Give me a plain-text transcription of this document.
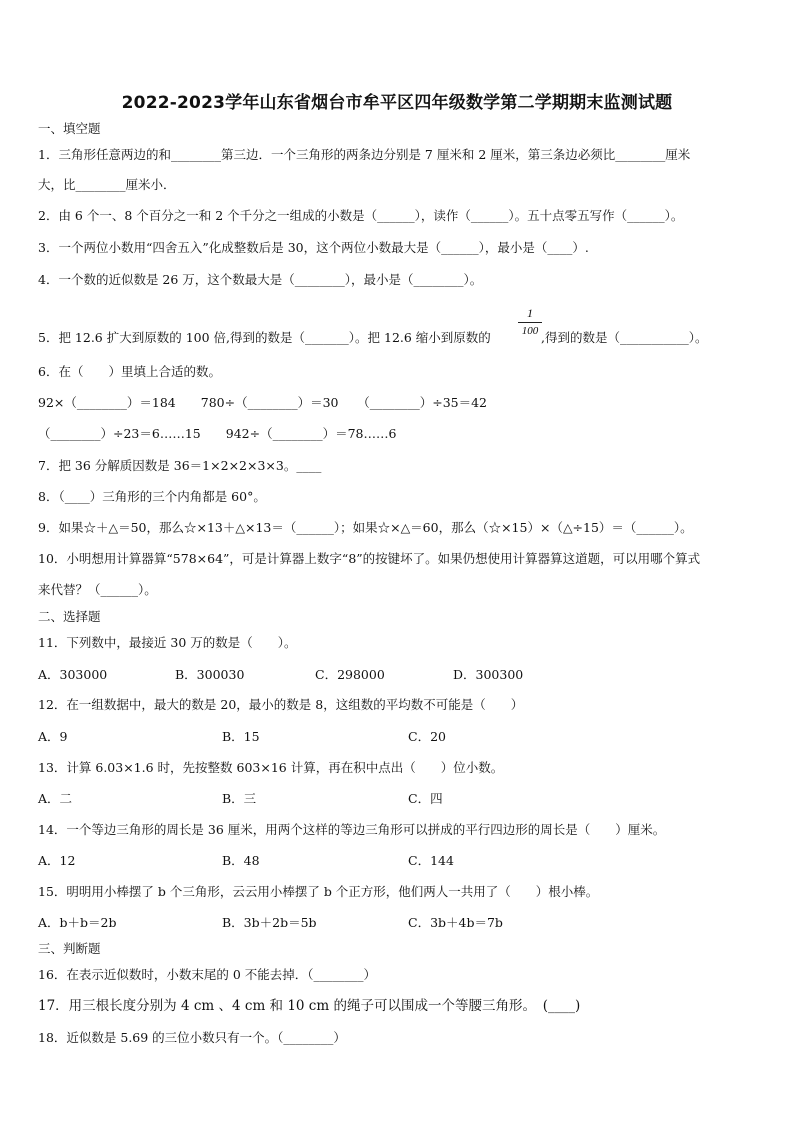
2022-2023学年山东省烟台市牟平区四年级数学第二学期期末监测试题
一、填空题
1．三角形任意两边的和________第三边．一个三角形的两条边分别是 7 厘米和 2 厘米，第三条边必须比________厘米
大，比________厘米小．
2．由 6 个一、8 个百分之一和 2 个千分之一组成的小数是（______），读作（______）。五十点零五写作（______）。
3．一个两位小数用“四舍五入”化成整数后是 30，这个两位小数最大是（______），最小是（____）.
4．一个数的近似数是 26 万，这个数最大是（________），最小是（________）。
5．把 12.6 扩大到原数的 100 倍,得到的数是（_______）。把 12.6 缩小到原数的
1
100 ,得到的数是（___________）。
6．在（　　）里填上合适的数。
92×（________）＝184　　780÷（________）＝30　　（________）÷35＝42
（________）÷23＝6……15　　942÷（________）＝78……6
7．把 36 分解质因数是 36＝1×2×2×3×3。____
8．（____）三角形的三个内角都是 60°。
9．如果☆＋△＝50，那么☆×13＋△×13＝（______）；如果☆×△＝60，那么（☆×15）×（△÷15）＝（______）。
10．小明想用计算器算“578×64”，可是计算器上数字“8”的按键坏了。如果仍想使用计算器算这道题，可以用哪个算式
来代替？（______）。
二、选择题
11．下列数中，最接近 30 万的数是（　　）。
A．303000	B．300030	C．298000	D．300300
12．在一组数据中，最大的数是 20，最小的数是 8，这组数的平均数不可能是（　　）
A．9	B．15	C．20
13．计算 6.03×1.6 时，先按整数 603×16 计算，再在积中点出（　　）位小数。
A．二	B．三	C．四
14．一个等边三角形的周长是 36 厘米，用两个这样的等边三角形可以拼成的平行四边形的周长是（　　）厘米。
A．12	B．48	C．144
15．明明用小棒摆了 b 个三角形，云云用小棒摆了 b 个正方形，他们两人一共用了（　　）根小棒。
A．b＋b＝2b	B．3b＋2b＝5b	C．3b＋4b＝7b
三、判断题
16．在表示近似数时，小数末尾的 0 不能去掉．（________）
17．用三根长度分别为 4 cm 、4 cm 和 10 cm 的绳子可以围成一个等腰三角形。　(____)
18．近似数是 5.69 的三位小数只有一个。（________）
